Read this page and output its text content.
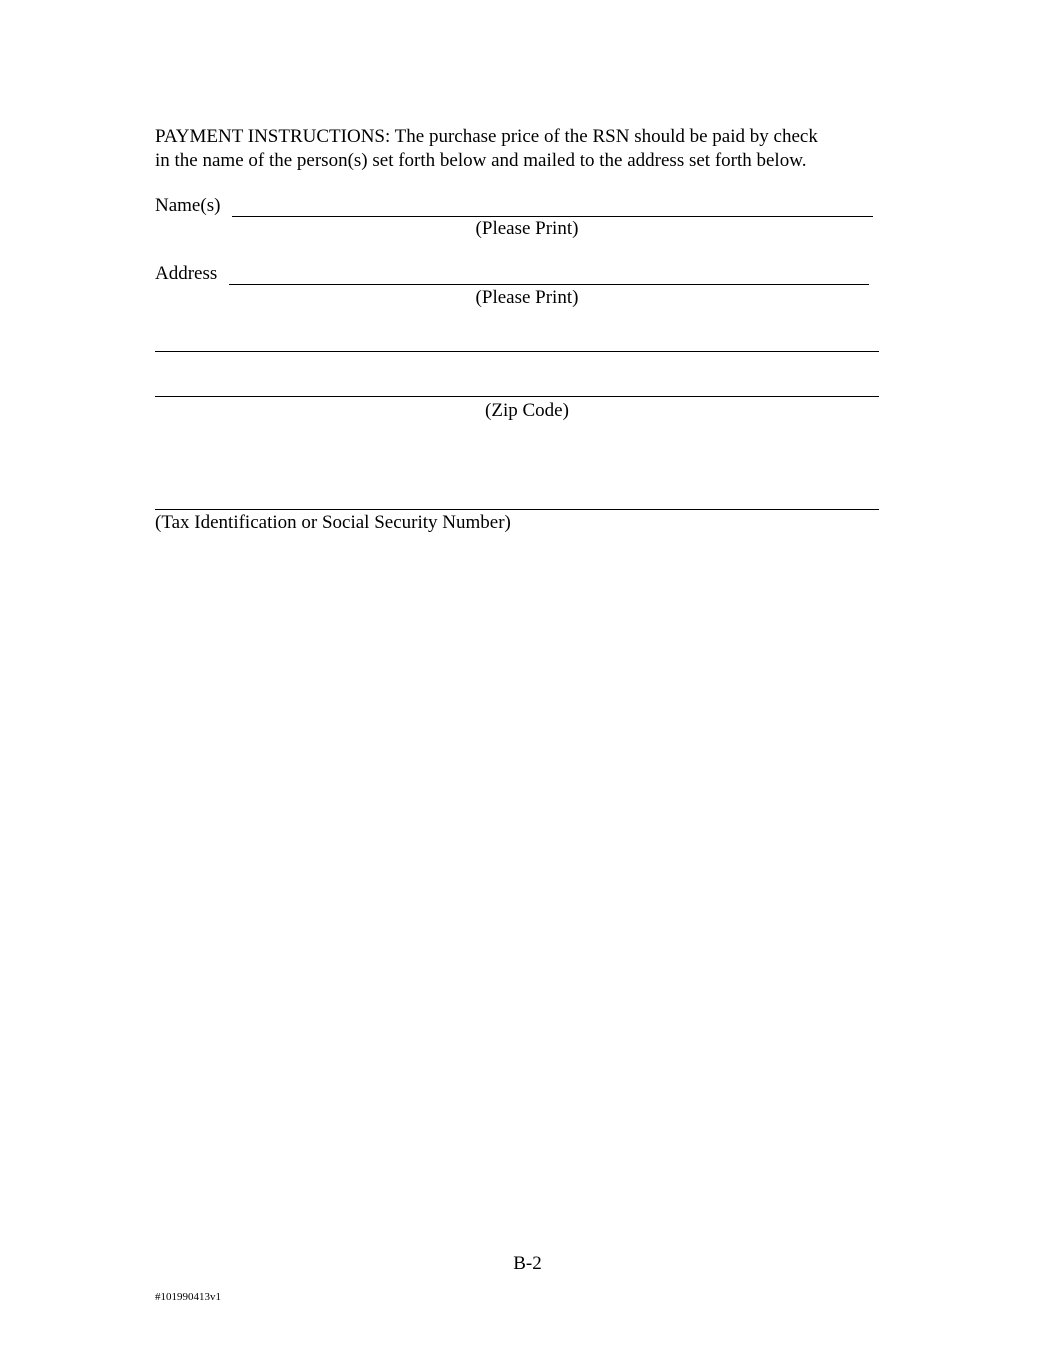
PAYMENT INSTRUCTIONS: The purchase price of the RSN should be paid by check
in the name of the person(s) set forth below and mailed to the address set forth below.
Name(s)
(Please Print)
Address
(Please Print)
(Zip Code)
(Tax Identification or Social Security Number)
B-2
#101990413v1
